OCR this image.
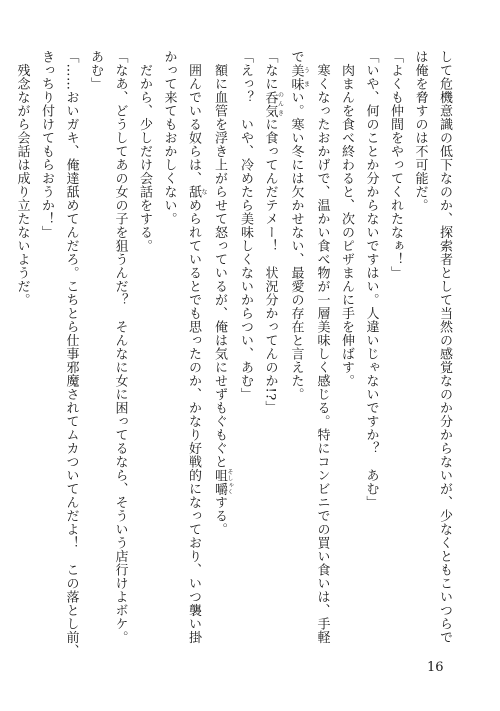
して危機意識の低下なのか、探索者として当然の感覚なのか分からないが、少なくともこいつらで
は俺を脅すのは不可能だ。
「よくも仲間をやってくれたなぁ！」
「いや、何のことか分からないですはい。人違いじゃないですか？　あむ」
　肉まんを食べ終わると、次のピザまんに手を伸ばす。
　寒くなったおかげで、温かい食べ物が一層美味しく感じる。特にコンビニでの買い食いは、手軽
で美味 うまい。寒い冬には欠かせない、最愛の存在と言えた。
「なに呑気 のんきに食ってんだテメー！　状況分かってんのか!?」
「えっ？　いや、冷めたら美味しくないからつい、あむ」
　額に血管を浮き上がらせて怒っているが、俺は気にせずもぐもぐと咀嚼 そしゃくする。
　囲んでいる奴らは、舐 なめられているとでも思ったのか、かなり好戦的になっており、いつ襲い掛
かって来てもおかしくない。
　だから、少しだけ会話をする。
「なあ、どうしてあの女の子を狙うんだ？　そんなに女に困ってるなら、そういう店行けよボケ。
あむ」
「……おいガキ、俺達舐めてんだろ。こちとら仕事邪魔されてムカついてんだよ！　この落とし前、
きっちり付けてもらおうか！」
　残念ながら会話は成り立たないようだ。
16
